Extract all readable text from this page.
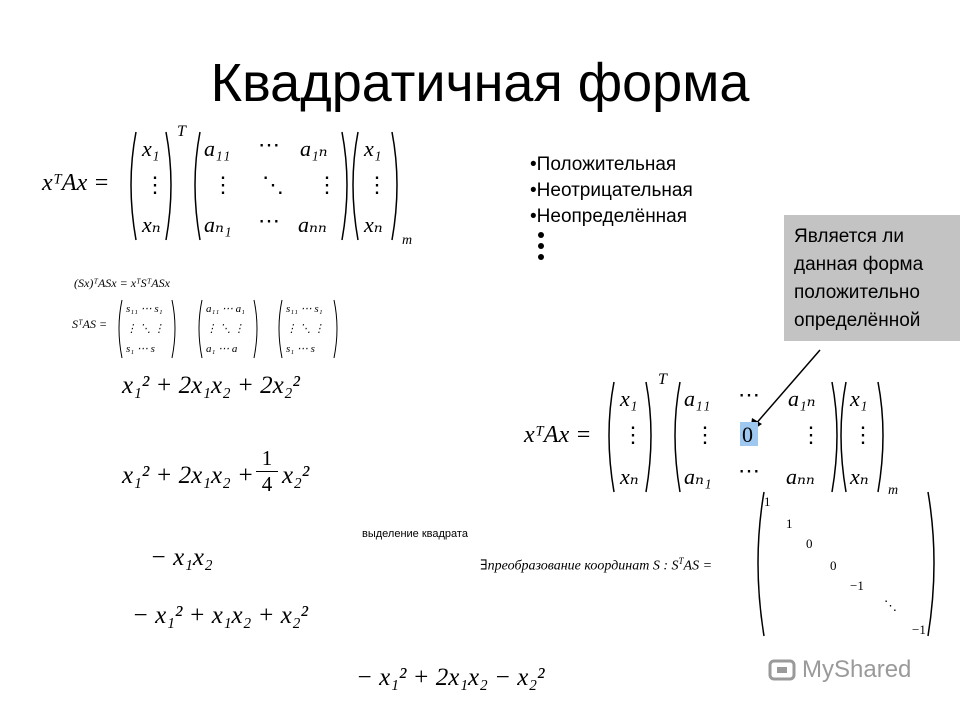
Квадратичная форма
xᵀAx =
x₁
⋮
xₙ
T
a₁₁ ⋯ a₁ₙ
⋮ ⋱ ⋮
aₙ₁ ⋯ aₙₙ
x₁
⋮
xₙ
m
• Положительная
• Неотрицательная
• Неопределённая
Является ли данная форма положительно определённой
(Sx)ᵀASx = xᵀSᵀASx
SᵀAS =
s₁₁ ⋯ s₁
⋮ ⋱ ⋮
s₁ ⋯ s
a₁₁ ⋯ a₁
⋮ ⋱ ⋮
a₁ ⋯ a
s₁₁ ⋯ s₁
⋮ ⋱ ⋮
s₁ ⋯ s
x₁² + 2x₁x₂ + 2x₂²
$x_1^2 + 2x_1x_2 + \frac{1}{4} x_2^2$
− x₁x₂
− x₁² + x₁x₂ + x₂²
− x₁² + 2x₁x₂ − x₂²
выделение квадрата
xᵀAx =
x₁
⋮
xₙ
T
a₁₁ ⋯ a₁ₙ
⋮ 0 ⋮
aₙ₁ ⋯ aₙₙ
x₁
⋮
xₙ
m
∃преобразование координат S : $S^TAS$ =
1
1
0
0
−1
⋱
−1
MyShared
